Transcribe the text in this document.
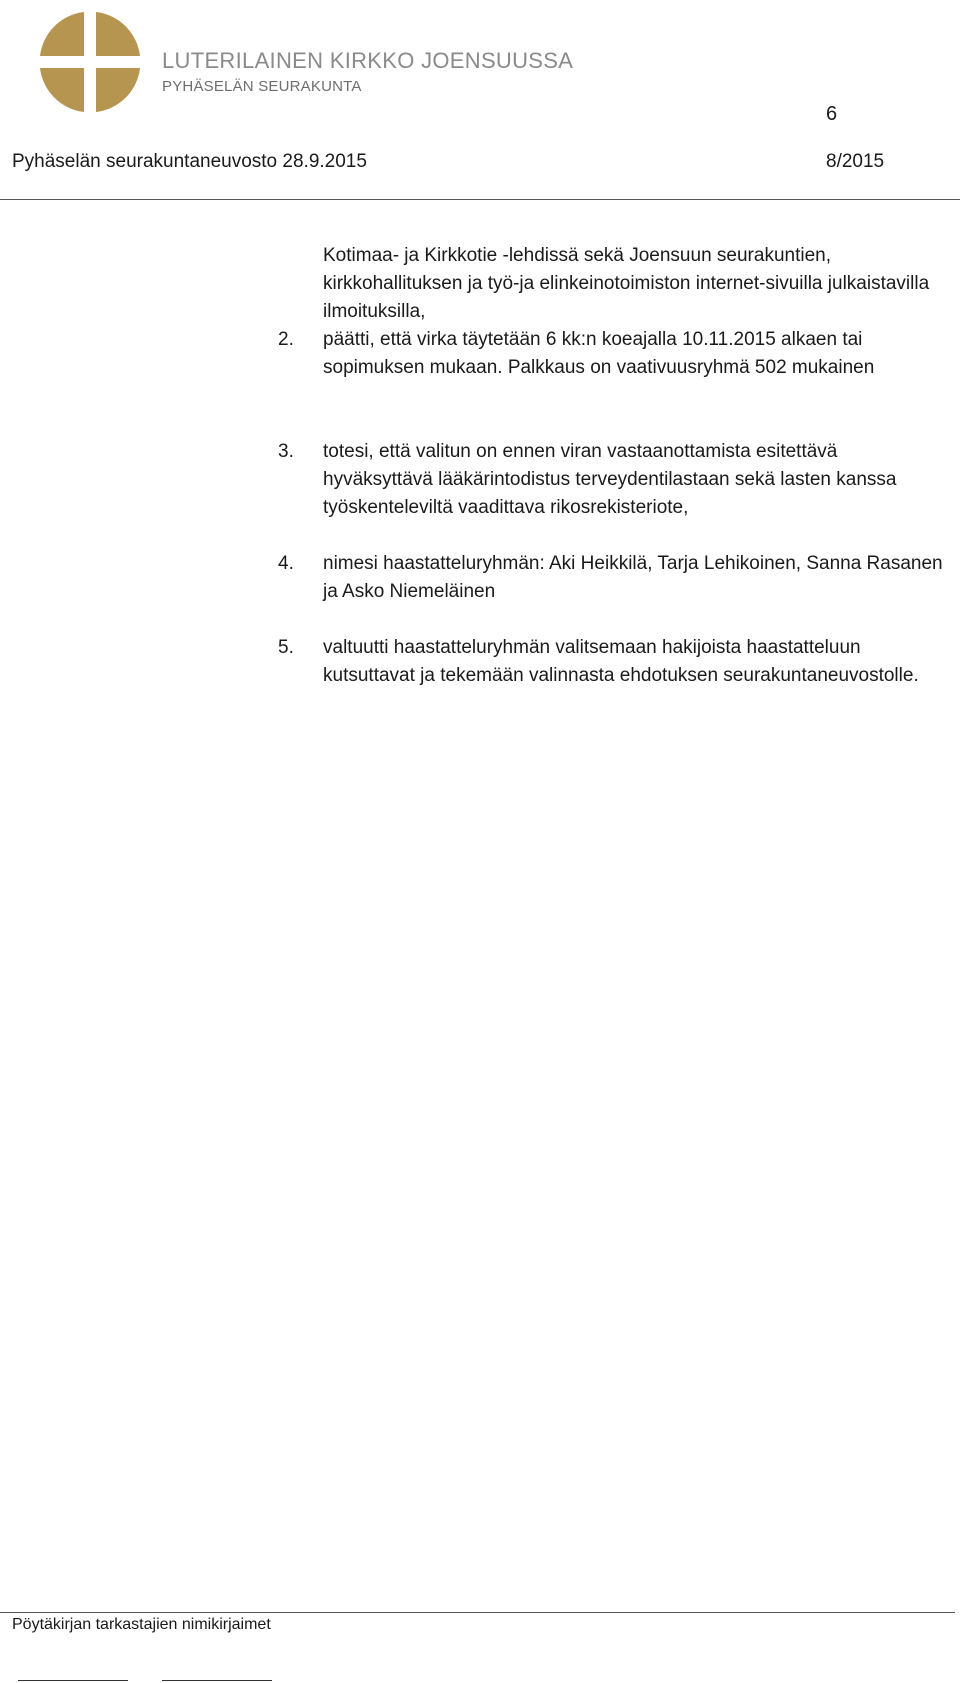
LUTERILAINEN KIRKKO JOENSUUSSA
PYHÄSELÄN SEURAKUNTA
6
Pyhäselän seurakuntaneuvosto 28.9.2015	8/2015
Kotimaa- ja Kirkkotie -lehdissä sekä Joensuun seurakuntien, kirkkohallituksen ja työ-ja elinkeinotoimiston internet-sivuilla julkaistavilla ilmoituksilla,
2. päätti, että virka täytetään 6 kk:n koeajalla 10.11.2015 alkaen tai sopimuksen mukaan. Palkkaus on vaativuusryhmä 502 mukainen
3. totesi, että valitun on ennen viran vastaanottamista esitettävä hyväksyttävä lääkärintodistus terveydentilastaan sekä lasten kanssa työskenteleviltä vaadittava rikosrekisteriote,
4. nimesi haastatteluryhmän: Aki Heikkilä, Tarja Lehikoinen, Sanna Rasanen ja Asko Niemeläinen
5. valtuutti haastatteluryhmän valitsemaan hakijoista haastatteluun kutsuttavat ja tekemään valinnasta ehdotuksen seurakuntaneuvostolle.
Pöytäkirjan tarkastajien nimikirjaimet
